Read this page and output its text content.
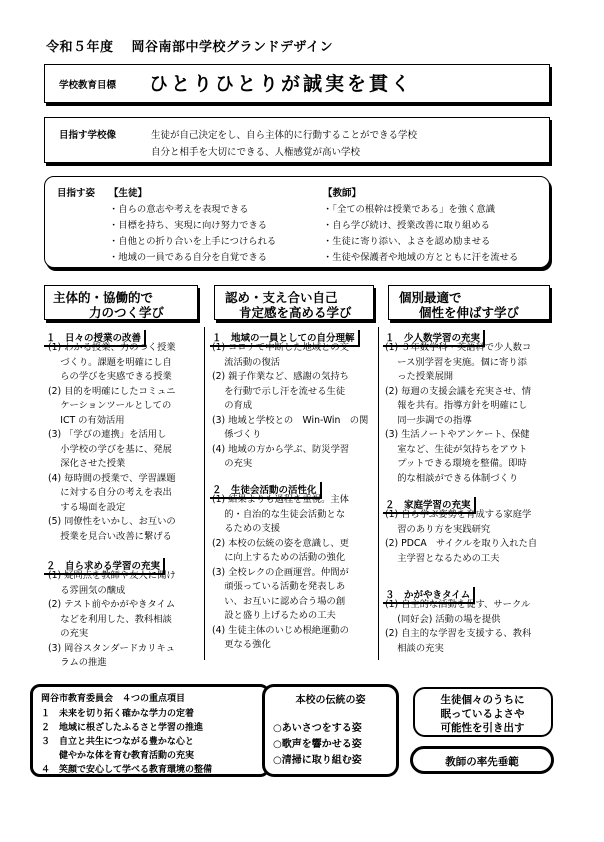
令和５年度 岡谷南部中学校グランドデザイン
学校教育目標 ひとりひとりが誠実を貫く
目指す学校像	生徒が自己決定をし、自ら主体的に行動することができる学校
自分と相手を大切にできる、人権感覚が高い学校
目指す姿 【生徒】
・自らの意志や考えを表現できる
・目標を持ち、実現に向け努力できる
・自他との折り合いを上手につけられる
・地域の一員である自分を自覚できる
【教師】
・「全ての根幹は授業である」を強く意識
・自ら学び続け、授業改善に取り組める
・生徒に寄り添い、よさを認め励ませる
・生徒や保護者や地域の方とともに汗を流せる
主体的・協働的で
力のつく学び
認め・支え合い自己
肯定感を高める学び
個別最適で
個性を伸ばす学び
１　日々の授業の改善
(1) わかる授業、力のつく授業
　 づくり。課題を明確にし自
　 らの学びを実感できる授業
(2) 目的を明確にしたコミュニ
　 ケーションツールとしての
　 ICT の有効活用
(3) 「学びの連携」を活用し
　 小学校の学びを基に、発展
　 深化させた授業
(4) 毎時間の授業で、学習課題
　 に対する自分の考えを表出
　 する場面を設定
(5) 同僚性をいかし、お互いの
　 授業を見合い改善に繋げる
２　自ら求める学習の充実
(1) 疑問点を教師や友人に聞け
　 る雰囲気の醸成
(2) テスト前やかがやきタイム
　 などを利用した、教科相談
　 の充実
(3) 岡谷スタンダードカリキュ
　 ラムの推進
１　地域の一員としての自分理解
(1) コロナで中断した地域との交
　 流活動の復活
(2) 親子作業など、感謝の気持ち
　 を行動で示し汗を流せる生徒
　 の育成
(3) 地域と学校との　Win-Win　の関
　 係づくり
(4) 地域の方から学ぶ、防災学習
　 の充実
２　生徒会活動の活性化
(1) 結果よりも過程を重視。主体
　 的・自治的な生徒会活動とな
　 るための支援
(2) 本校の伝統の姿を意識し、更
　 に向上するための活動の強化
(3) 全校レクの企画運営。仲間が
　 頑張っている活動を発表しあ
　 い、お互いに認め合う場の創
　 設と盛り上げるための工夫
(4) 生徒主体のいじめ根絶運動の
　 更なる強化
１　少人数学習の充実
(1) ３年数学科・英語科で少人数コ
　 ース別学習を実施。個に寄り添
　 った授業展開
(2) 毎週の支援会議を充実させ、情
　 報を共有。指導方針を明確にし
　 同一歩調での指導
(3) 生活ノートやアンケート、保健
　 室など、生徒が気持ちをアウト
　 プットできる環境を整備。即時
　 的な相談ができる体制づくり
２　家庭学習の充実
(1) 自ら学ぶ姿勢を育成する家庭学
　 習のあり方を実践研究
(2) PDCA　サイクルを取り入れた自
　 主学習となるための工夫
３　かがやきタイム
(1) 自主的な活動を促す、サークル
　 (同好会) 活動の場を提供
(2) 自主的な学習を支援する、教科
　 相談の充実
岡谷市教育委員会　４つの重点項目
１　未来を切り拓く確かな学力の定着
２　地域に根ざしたふるさと学習の推進
３　自立と共生につながる豊かな心と
　　健やかな体を育む教育活動の充実
４　笑顔で安心して学べる教育環境の整備
本校の伝統の姿
○あいさつをする姿
○歌声を響かせる姿
○清掃に取り組む姿
生徒個々のうちに
眠っているよさや
可能性を引き出す
教師の率先垂範
